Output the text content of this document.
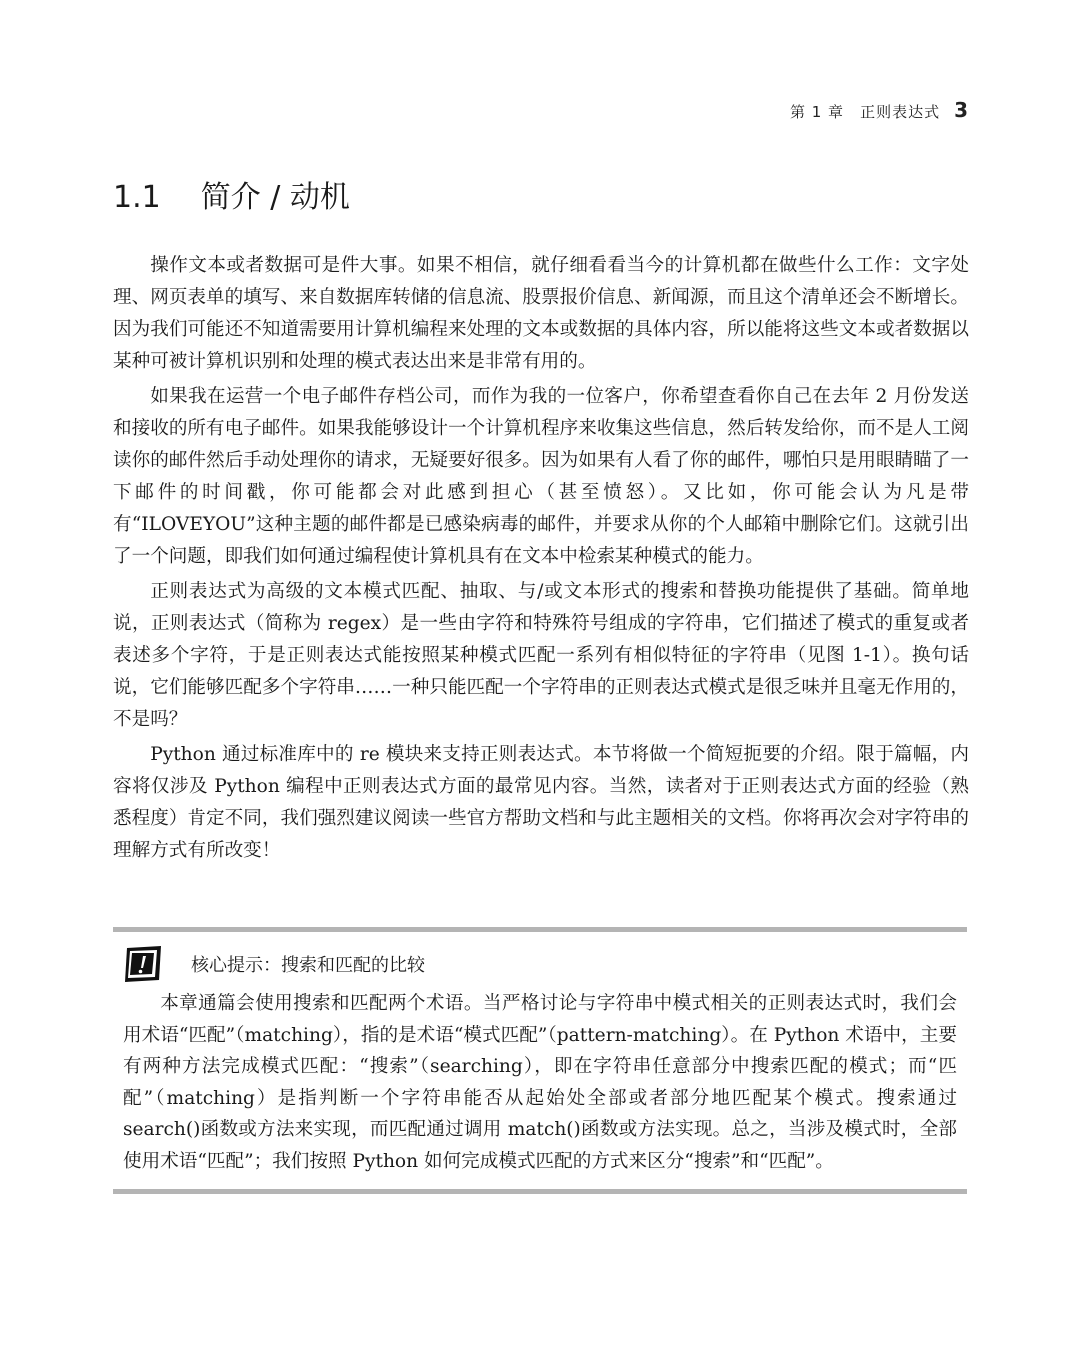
第 1 章 正则表达式 3
1.1 简介 / 动机

操作文本或者数据可是件大事。如果不相信，就仔细看看当今的计算机都在做些什么工作：文字处理、网页表单的填写、来自数据库转储的信息流、股票报价信息、新闻源，而且这个清单还会不断增长。因为我们可能还不知道需要用计算机编程来处理的文本或数据的具体内容，所以能将这些文本或者数据以某种可被计算机识别和处理的模式表达出来是非常有用的。

如果我在运营一个电子邮件存档公司，而作为我的一位客户，你希望查看你自己在去年 2 月份发送和接收的所有电子邮件。如果我能够设计一个计算机程序来收集这些信息，然后转发给你，而不是人工阅读你的邮件然后手动处理你的请求，无疑要好很多。因为如果有人看了你的邮件，哪怕只是用眼睛瞄了一下邮件的时间戳，你可能都会对此感到担心（甚至愤怒）。又比如，你可能会认为凡是带有“ILOVEYOU”这种主题的邮件都是已感染病毒的邮件，并要求从你的个人邮箱中删除它们。这就引出了一个问题，即我们如何通过编程使计算机具有在文本中检索某种模式的能力。

正则表达式为高级的文本模式匹配、抽取、与/或文本形式的搜索和替换功能提供了基础。简单地说，正则表达式（简称为 regex）是一些由字符和特殊符号组成的字符串，它们描述了模式的重复或者表述多个字符，于是正则表达式能按照某种模式匹配一系列有相似特征的字符串（见图 1-1）。换句话说，它们能够匹配多个字符串……一种只能匹配一个字符串的正则表达式模式是很乏味并且毫无作用的，不是吗？

Python 通过标准库中的 re 模块来支持正则表达式。本节将做一个简短扼要的介绍。限于篇幅，内容将仅涉及 Python 编程中正则表达式方面的最常见内容。当然，读者对于正则表达式方面的经验（熟悉程度）肯定不同，我们强烈建议阅读一些官方帮助文档和与此主题相关的文档。你将再次会对字符串的理解方式有所改变！

核心提示：搜索和匹配的比较

本章通篇会使用搜索和匹配两个术语。当严格讨论与字符串中模式相关的正则表达式时，我们会用术语“匹配”（matching），指的是术语“模式匹配”（pattern-matching）。在 Python 术语中，主要有两种方法完成模式匹配：“搜索”（searching），即在字符串任意部分中搜索匹配的模式；而“匹配”（matching）是指判断一个字符串能否从起始处全部或者部分地匹配某个模式。搜索通过 search()函数或方法来实现，而匹配通过调用 match()函数或方法实现。总之，当涉及模式时，全部使用术语“匹配”；我们按照 Python 如何完成模式匹配的方式来区分“搜索”和“匹配”。
